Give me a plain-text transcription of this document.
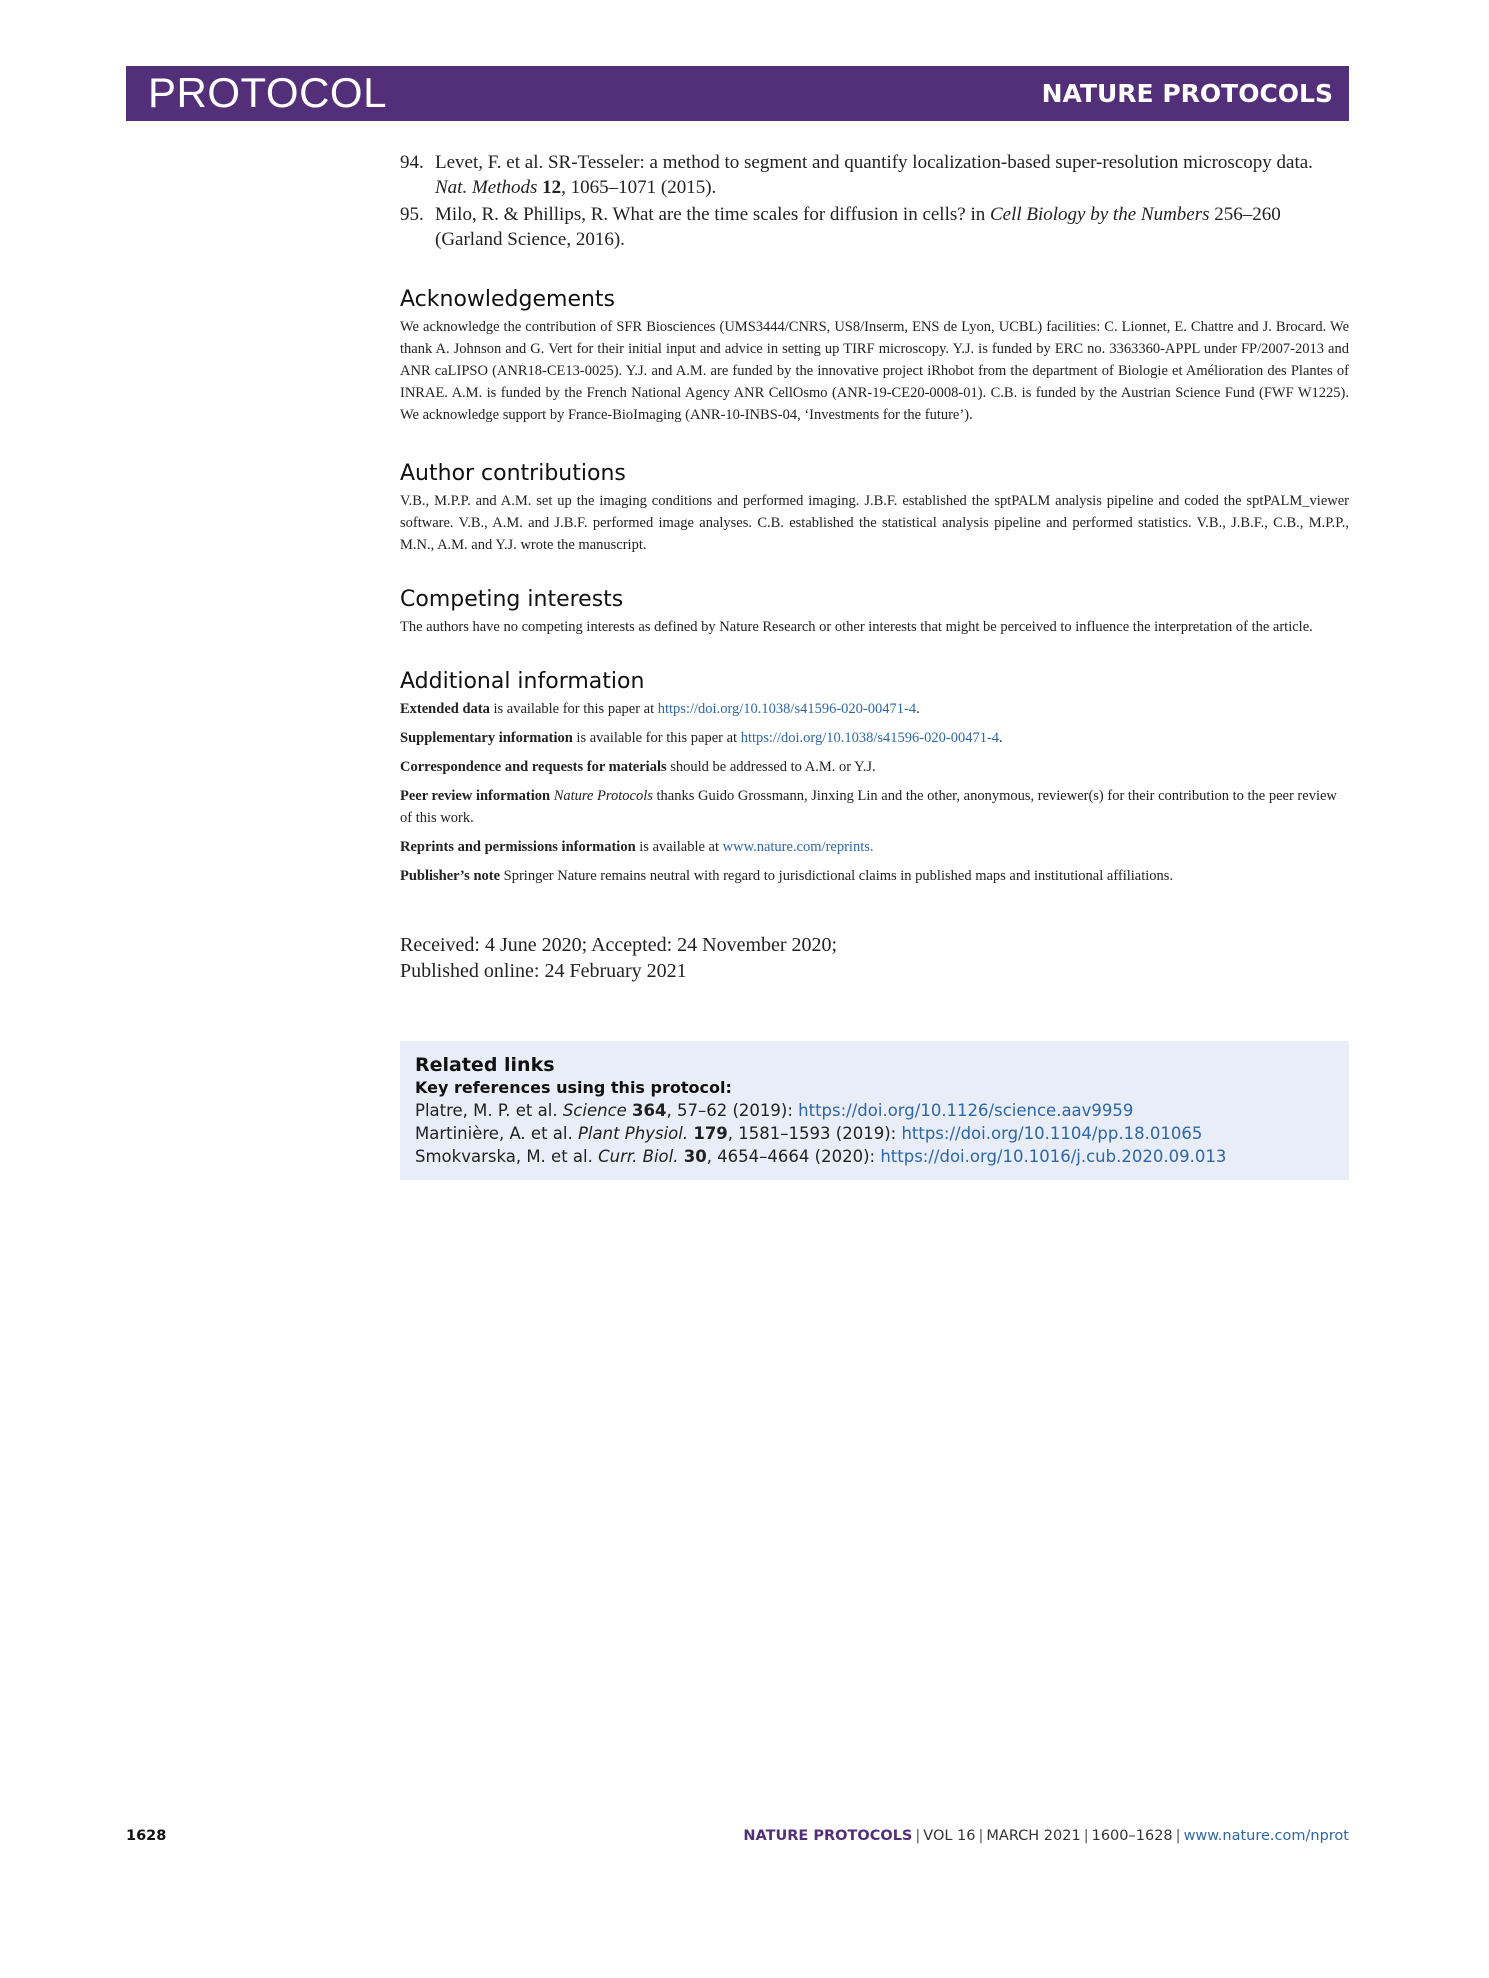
PROTOCOL	NATURE PROTOCOLS
94. Levet, F. et al. SR-Tesseler: a method to segment and quantify localization-based super-resolution microscopy data. Nat. Methods 12, 1065–1071 (2015).
95. Milo, R. & Phillips, R. What are the time scales for diffusion in cells? in Cell Biology by the Numbers 256–260 (Garland Science, 2016).
Acknowledgements
We acknowledge the contribution of SFR Biosciences (UMS3444/CNRS, US8/Inserm, ENS de Lyon, UCBL) facilities: C. Lionnet, E. Chattre and J. Brocard. We thank A. Johnson and G. Vert for their initial input and advice in setting up TIRF microscopy. Y.J. is funded by ERC no. 3363360-APPL under FP/2007-2013 and ANR caLIPSO (ANR18-CE13-0025). Y.J. and A.M. are funded by the innovative project iRhobot from the department of Biologie et Amélioration des Plantes of INRAE. A.M. is funded by the French National Agency ANR CellOsmo (ANR-19-CE20-0008-01). C.B. is funded by the Austrian Science Fund (FWF W1225). We acknowledge support by France-BioImaging (ANR-10-INBS-04, ‘Investments for the future’).
Author contributions
V.B., M.P.P. and A.M. set up the imaging conditions and performed imaging. J.B.F. established the sptPALM analysis pipeline and coded the sptPALM_viewer software. V.B., A.M. and J.B.F. performed image analyses. C.B. established the statistical analysis pipeline and performed statistics. V.B., J.B.F., C.B., M.P.P., M.N., A.M. and Y.J. wrote the manuscript.
Competing interests
The authors have no competing interests as defined by Nature Research or other interests that might be perceived to influence the interpretation of the article.
Additional information
Extended data is available for this paper at https://doi.org/10.1038/s41596-020-00471-4.
Supplementary information is available for this paper at https://doi.org/10.1038/s41596-020-00471-4.
Correspondence and requests for materials should be addressed to A.M. or Y.J.
Peer review information Nature Protocols thanks Guido Grossmann, Jinxing Lin and the other, anonymous, reviewer(s) for their contribution to the peer review of this work.
Reprints and permissions information is available at www.nature.com/reprints.
Publisher’s note Springer Nature remains neutral with regard to jurisdictional claims in published maps and institutional affiliations.
Received: 4 June 2020; Accepted: 24 November 2020;
Published online: 24 February 2021
Related links
Key references using this protocol:
Platre, M. P. et al. Science 364, 57–62 (2019): https://doi.org/10.1126/science.aav9959
Martinière, A. et al. Plant Physiol. 179, 1581–1593 (2019): https://doi.org/10.1104/pp.18.01065
Smokvarska, M. et al. Curr. Biol. 30, 4654–4664 (2020): https://doi.org/10.1016/j.cub.2020.09.013
1628	NATURE PROTOCOLS | VOL 16 | MARCH 2021 | 1600–1628 | www.nature.com/nprot
